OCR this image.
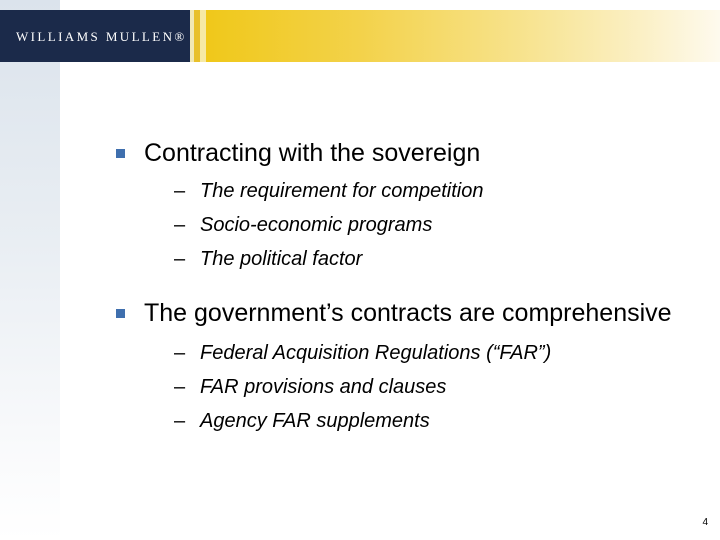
WILLIAMS MULLEN®
Contracting with the sovereign
– The requirement for competition
– Socio-economic programs
– The political factor
The government’s contracts are comprehensive
– Federal Acquisition Regulations (“FAR”)
– FAR provisions and clauses
– Agency FAR supplements
4
